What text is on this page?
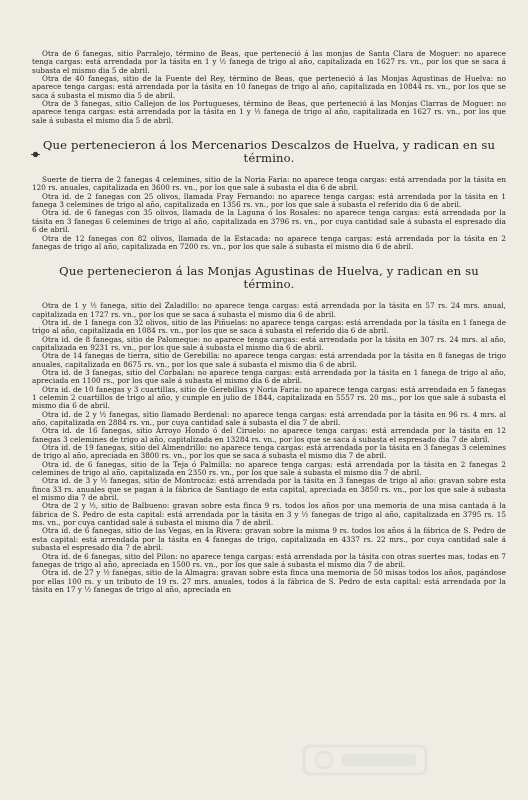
Otra de 6 fanegas, sitio Parralejo, término de Beas, que perteneció á las monjas de Santa Clara de Moguer: no aparece tenga cargas: está arrendada por la tásita en 1 y ½ fanega de trigo al año, capitalizada en 1627 rs. vn., por los que se saca á subasta el mismo dia 5 de abril.

Otra de 40 fanegas, sitio de la Fuente del Rey, término de Beas, que perteneció á las Monjas Agustinas de Huelva: no aparece tenga cargas: está arrendada por la tásita en 10 fanegas de trigo al año, capitalizada en 10844 rs. vn., por los que se saca á subasta el mismo dia 5 de abril.

Otra de 3 fanegas, sitio Callejon de los Portugueses, término de Beas, que perteneció á las Monjas Clarras de Moguer: no aparece tenga cargas: está arrendada por la tásita en 1 y ½ fanega de trigo al año, capitalizada en 1627 rs. vn., por los que sale á subasta el mismo dia 5 de abril.

Que pertenecieron á los Mercenarios Descalzos de Huelva, y radican en su término.

Suerte de tierra de 2 fanegas 4 celemines, sitio de la Noria Faria: no aparece tenga cargas: está arrendada por la tásita en 120 rs. anuales, capitalizada en 3600 rs. vn., por los que sale á subasta el dia 6 de abril.

Otra id. de 2 fanegas con 25 olivos, llamada Fray Fernando: no aparece tenga cargas: está arrendada por la tásita en 1 fanega 3 celemines de trigo al año, capitalizada en 1356 rs. vn., por los que sale á subasta el referido dia 6 de abril.

Otra id. de 6 fanegas con 35 olivos, llamada de la Laguna ó los Rosales: no aparece tenga cargas: está arrendada por la tásita en 3 fanegas 6 celemines de trigo al año, capitalizada en 3796 rs. vn., por cuya cantidad sale á subasta el espresado dia 6 de abril.

Otra de 12 fanegas con 82 olivos, llamada de la Estacada: no aparece tenga cargas: está arrendada por la tásita en 2 fanegas de trigo al año, capitalizada en 7200 rs. vn., por los que sale á subasta el mismo dia 6 de abril.

Que pertenecieron á las Monjas Agustinas de Huelva, y radican en su término.

Otra de 1 y ½ fanega, sitio del Zaladillo: no aparece tenga cargas: está arrendada por la tásita en 57 rs. 24 mrs. anual, capitalizada en 1727 rs. vn., por los que se saca á subasta el mismo dia 6 de abril.

Otra id. de 1 fanega con 32 olivos, sitio de las Piñuelas: no aparece tenga cargas: está arrendada por la tásita en 1 fanega de trigo al año, capitalizada en 1084 rs. vn., por los que se saca á subasta el referido dia 6 de abril.

Otra id. de 8 fanegas, sitio de Palomeque: no aparece tenga cargas: está arrendada por la tásita en 307 rs. 24 mrs. al año, capitalizada en 9231 rs. vn., por los que sale á subasta el mismo dia 6 de abril.

Otra de 14 fanegas de tierra, sitio de Gerebilla: no aparece tenga cargas: está arrendada por la tásita en 8 fanegas de trigo anuales, capitalizada en 8675 rs. vn., por los que sale á subasta el mismo dia 6 de abril.

Otra id. de 3 fanegas, sitio del Corbalan: no aparece tenga cargas: está arrendada por la tásita en 1 fanega de trigo al año, apreciada en 1100 rs., por los que sale á subasta el mismo dia 6 de abril.

Otra id. de 10 fanegas y 3 cuartillas, sitio de Gerebillas y Noria Faria: no aparece tenga cargas: está arrendada en 5 fanegas 1 celemin 2 cuartillos de trigo al año, y cumple en julio de 1844, capitalizada en 5557 rs. 20 ms., por los que sale á subasta el mismo dia 6 de abril.

Otra id. de 2 y ½ fanegas, sitio llamado Berdenal: no aparece tenga cargas: está arrendada por la tásita en 96 rs. 4 mrs. al año, capitalizada en 2884 rs. vn., por cuya cantidad sale á subasta el dia 7 de abril.

Otra id. de 16 fanegas, sitio Arroyo Hondo ó del Ciruelo: no aparece tenga cargas: está arrendada por la tásita en 12 fanegas 3 celemines de trigo al año, capitalizada en 13284 rs. vn., por los que se saca á subasta el espresado dia 7 de abril.

Otra id. de 19 fanegas, sitio del Almendrillo: no aparece tenga cargas: está arrendada por la tásita en 3 fanegas 3 celemines de trigo al año, apreciada en 3800 rs. vn., por los que se saca á subasta el mismo dia 7 de abril.

Otra id. de 6 fanegas, sitio de la Teja ó Palmilla: no aparece tenga cargas: está arrendada por la tásita en 2 fanegas 2 celemines de trigo al año, capitalizada en 2350 rs. vn., por los que sale á subasta el mismo dia 7 de abril.

Otra id. de 3 y ½ fanegas, sitio de Montrocáz: está arrendada por la tásita en 3 fanegas de trigo al año: gravan sobre esta finca 33 rs. anuales que se pagan á la fábrica de Santiago de esta capital, apreciada en 3850 rs. vn., por los que sale á subasta el mismo dia 7 de abril.

Otra de 2 y ½, sitio de Balbueno: gravan sobre esta finca 9 rs. todos los años por una memoria de una misa cantada á la fábrica de S. Pedro de esta capital: está arrendada por la tásita en 3 y ½ fanegas de trigo al año, capitalizada en 3795 rs. 15 ms. vn., por cuya cantidad sale á subasta el mismo dia 7 de abril.

Otra id. de 6 fanegas, sitio de las Vegas, en la Rivera: gravan sobre la misma 9 rs. todos los años á la fábrica de S. Pedro de esta capital: está arrendada por la tásita en 4 fanegas de trigo, capitalizada en 4337 rs. 22 mrs., por cuya cantidad sale á subasta el espresado dia 7 de abril.

Otra id. de 6 fanegas, sitio del Pilon: no aparece tenga cargas: está arrendada por la tásita con otras suertes mas, todas en 7 fanegas de trigo al año, apreciada en 1500 rs. vn., por los que sale á subasta el mismo dia 7 de abril.

Otra id. de 27 y ½ fanegas, sitio de la Almagra: gravan sobre esta finca una memoria de 50 misas todos los años, pagándose por ellas 100 rs. y un tributo de 19 rs. 27 mrs. anuales, todos á la fábrica de S. Pedro de esta capital: está arrendada por la tásita en 17 y ½ fanegas de trigo al año, apreciada en
